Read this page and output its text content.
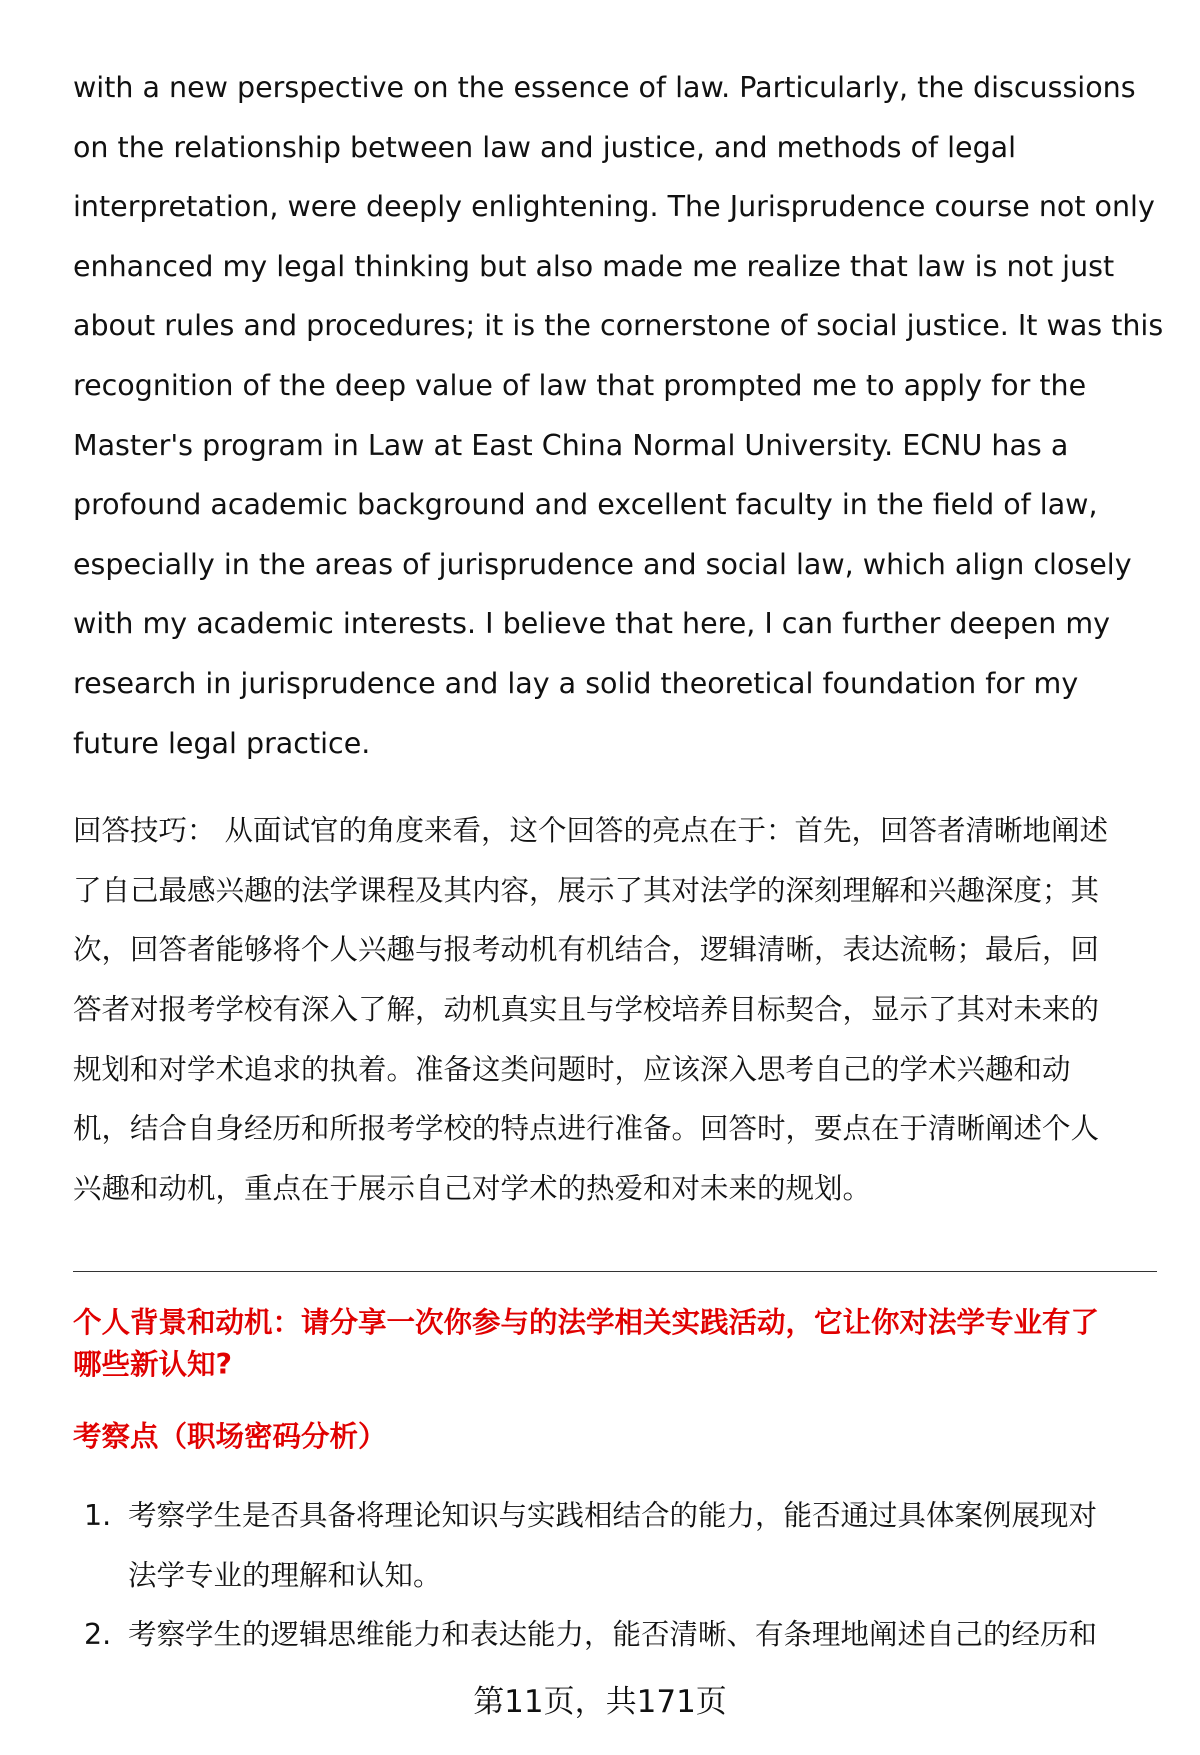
with a new perspective on the essence of law. Particularly, the discussions
on the relationship between law and justice, and methods of legal
interpretation, were deeply enlightening. The Jurisprudence course not only
enhanced my legal thinking but also made me realize that law is not just
about rules and procedures; it is the cornerstone of social justice. It was this
recognition of the deep value of law that prompted me to apply for the
Master's program in Law at East China Normal University. ECNU has a
profound academic background and excellent faculty in the field of law,
especially in the areas of jurisprudence and social law, which align closely
with my academic interests. I believe that here, I can further deepen my
research in jurisprudence and lay a solid theoretical foundation for my
future legal practice.

回答技巧： 从面试官的角度来看，这个回答的亮点在于：首先，回答者清晰地阐述
了自己最感兴趣的法学课程及其内容，展示了其对法学的深刻理解和兴趣深度；其
次，回答者能够将个人兴趣与报考动机有机结合，逻辑清晰，表达流畅；最后，回
答者对报考学校有深入了解，动机真实且与学校培养目标契合，显示了其对未来的
规划和对学术追求的执着。准备这类问题时，应该深入思考自己的学术兴趣和动
机，结合自身经历和所报考学校的特点进行准备。回答时，要点在于清晰阐述个人
兴趣和动机，重点在于展示自己对学术的热爱和对未来的规划。
个人背景和动机：请分享一次你参与的法学相关实践活动，它让你对法学专业有了
哪些新认知?
考察点（职场密码分析）
1. 考察学生是否具备将理论知识与实践相结合的能力，能否通过具体案例展现对
法学专业的理解和认知。
2. 考察学生的逻辑思维能力和表达能力，能否清晰、有条理地阐述自己的经历和
第11页，共171页
